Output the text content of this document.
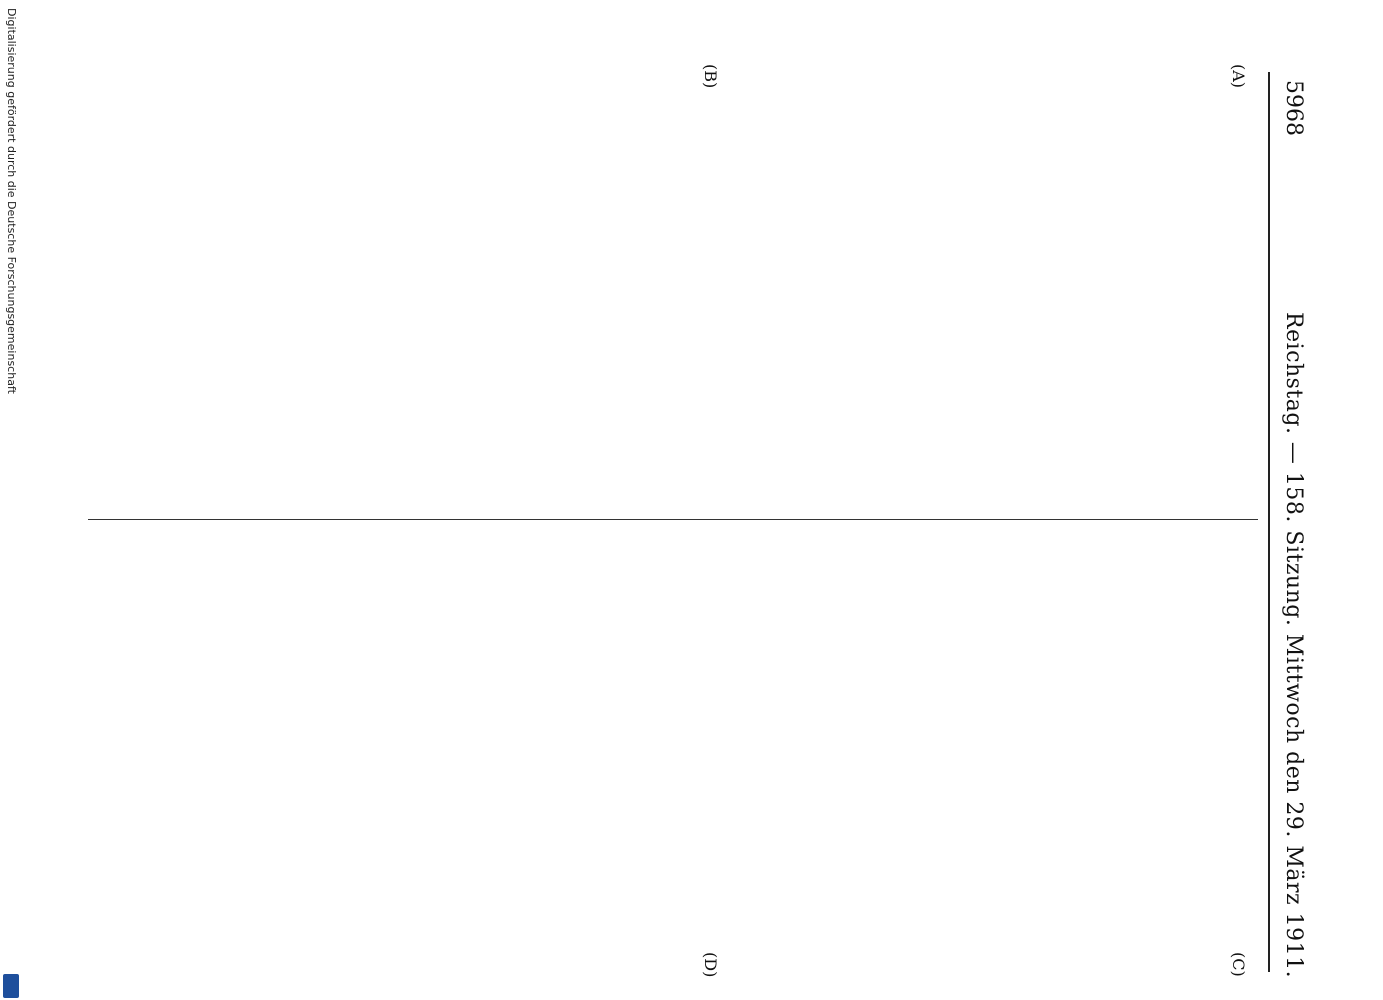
5968
Reichstag. — 158. Sitzung. Mittwoch den 29. März 1911.

(A)
(B)
(C)
(D)
Digitalisierung gefördert durch die Deutsche Forschungsgemeinschaft
